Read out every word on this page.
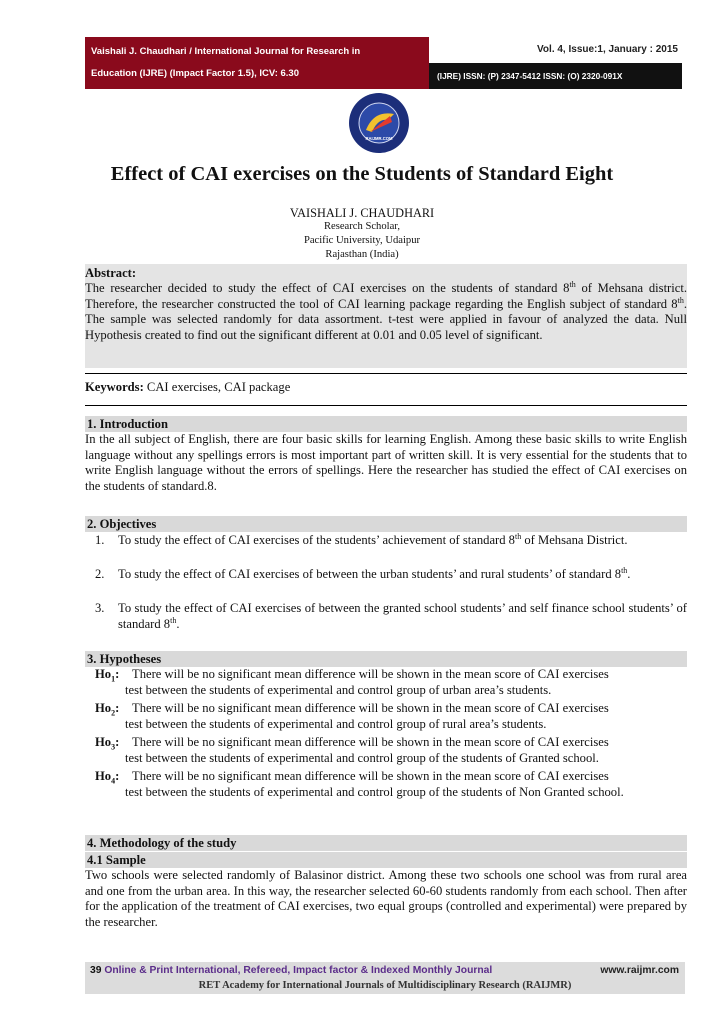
Vaishali J. Chaudhari / International Journal for Research in
Education (IJRE) (Impact Factor 1.5), ICV: 6.30
Vol. 4, Issue:1, January : 2015
(IJRE) ISSN: (P) 2347-5412 ISSN: (O) 2320-091X
RAIJMR.COM
Effect of CAI exercises on the Students of Standard Eight
VAISHALI J. CHAUDHARI
Research Scholar,
Pacific University, Udaipur
Rajasthan (India)
Abstract:
The researcher decided to study the effect of CAI exercises on the students of standard 8th of Mehsana district. Therefore, the researcher constructed the tool of CAI learning package regarding the English subject of standard 8th. The sample was selected randomly for data assortment. t-test were applied in favour of analyzed the data. Null Hypothesis created to find out the significant different at 0.01 and 0.05 level of significant.
Keywords: CAI exercises, CAI package
1. Introduction
In the all subject of English, there are four basic skills for learning English. Among these basic skills to write English language without any spellings errors is most important part of written skill. It is very essential for the students that to write English language without the errors of spellings. Here the researcher has studied the effect of CAI exercises on the students of standard.8.
2. Objectives
1. To study the effect of CAI exercises of the students’ achievement of standard 8th of Mehsana District.
2. To study the effect of CAI exercises of between the urban students’ and rural students’ of standard 8th.
3. To study the effect of CAI exercises of between the granted school students’ and self finance school students’ of standard 8th.
3. Hypotheses
$Ho_1$: There will be no significant mean difference will be shown in the mean score of CAI exercises
test between the students of experimental and control group of urban area’s students.
$Ho_2$: There will be no significant mean difference will be shown in the mean score of CAI exercises
test between the students of experimental and control group of rural area’s students.
$Ho_3$: There will be no significant mean difference will be shown in the mean score of CAI exercises
test between the students of experimental and control group of the students of Granted school.
$Ho_4$: There will be no significant mean difference will be shown in the mean score of CAI exercises
test between the students of experimental and control group of the students of Non Granted school.
4. Methodology of the study
4.1 Sample
Two schools were selected randomly of Balasinor district. Among these two schools one school was from rural area and one from the urban area. In this way, the researcher selected 60-60 students randomly from each school. Then after for the application of the treatment of CAI exercises, two equal groups (controlled and experimental) were prepared by the researcher.
39 Online & Print International, Refereed, Impact factor & Indexed Monthly Journal	www.raijmr.com
RET Academy for International Journals of Multidisciplinary Research (RAIJMR)
